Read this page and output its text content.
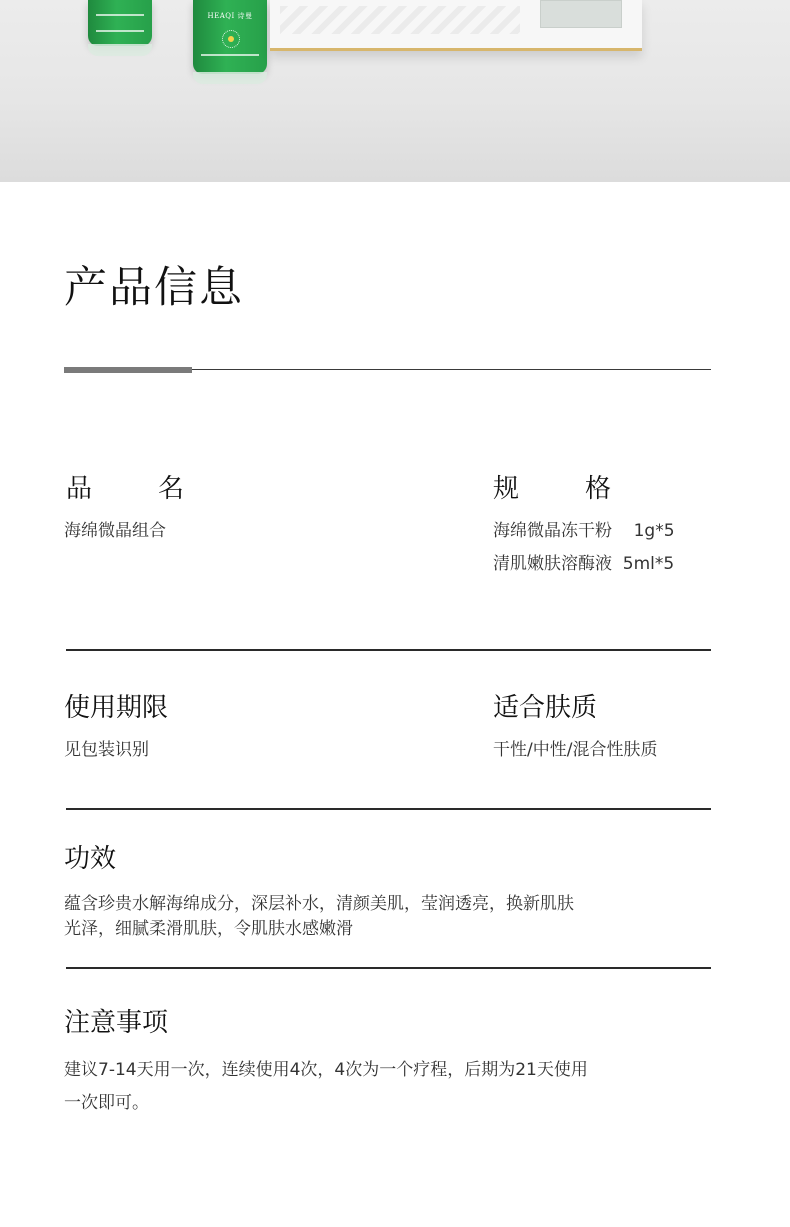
HEAQI 诗曼
产品信息
品	名

海绵微晶组合

规	格

海绵微晶冻干粉    1g*5

清肌嫩肤溶酶液  5ml*5

使用期限

见包装识别

适合肤质

干性/中性/混合性肤质

功效
蕴含珍贵水解海绵成分，深层补水，清颜美肌，莹润透亮，换新肌肤
光泽，细腻柔滑肌肤，令肌肤水感嫩滑
注意事项
建议7-14天用一次，连续使用4次，4次为一个疗程，后期为21天使用
一次即可。
